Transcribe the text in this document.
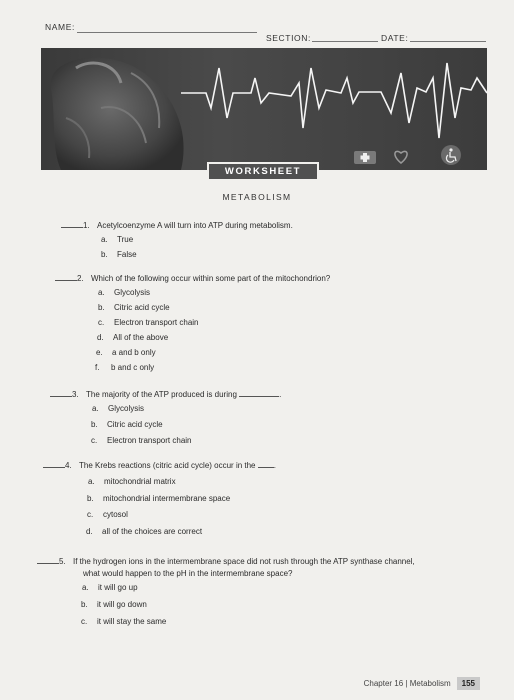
NAME:
SECTION:	DATE:
WORKSHEET
METABOLISM
1. Acetylcoenzyme A will turn into ATP during metabolism.
a. True
b. False
2. Which of the following occur within some part of the mitochondrion?
a. Glycolysis
b. Citric acid cycle
c. Electron transport chain
d. All of the above
e. a and b only
f. b and c only
3. The majority of the ATP produced is during	.
a. Glycolysis
b. Citric acid cycle
c. Electron transport chain
4. The Krebs reactions (citric acid cycle) occur in the .
a. mitochondrial matrix
b. mitochondrial intermembrane space
c. cytosol
d. all of the choices are correct
5. If the hydrogen ions in the intermembrane space did not rush through the ATP synthase channel,
what would happen to the pH in the intermembrane space?
a. it will go up
b. it will go down
c. it will stay the same
Chapter 16 | Metabolism 155
